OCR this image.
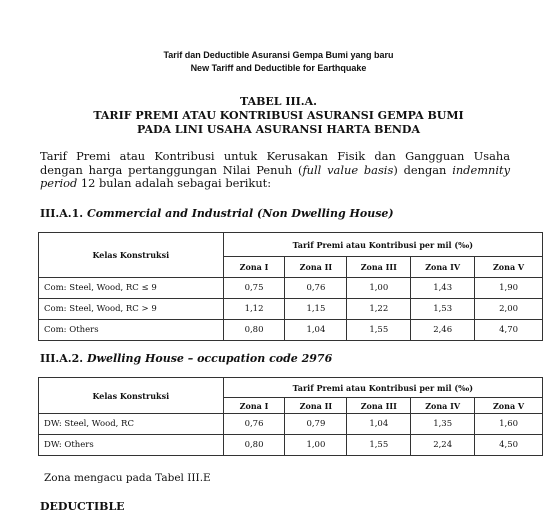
Tarif dan Deductible Asuransi Gempa Bumi yang baru
New Tariff and Deductible for Earthquake
TABEL III.A.
TARIF PREMI ATAU KONTRIBUSI ASURANSI GEMPA BUMI
PADA LINI USAHA ASURANSI HARTA BENDA
Tarif Premi atau Kontribusi untuk Kerusakan Fisik dan Gangguan Usaha
dengan harga pertanggungan Nilai Penuh (full value basis) dengan indemnity
period 12 bulan adalah sebagai berikut:
III.A.1. Commercial and Industrial (Non Dwelling House)
Kelas Konstruksi	Tarif Premi atau Kontribusi per mil (‰)				
	Zona I	Zona II	Zona III	Zona IV	Zona V
Com: Steel, Wood, RC ≤ 9	0,75	0,76	1,00	1,43	1,90
Com: Steel, Wood, RC > 9	1,12	1,15	1,22	1,53	2,00
Com: Others	0,80	1,04	1,55	2,46	4,70
III.A.2. Dwelling House – occupation code 2976
Kelas Konstruksi	Tarif Premi atau Kontribusi per mil (‰)				
	Zona I	Zona II	Zona III	Zona IV	Zona V
DW: Steel, Wood, RC	0,76	0,79	1,04	1,35	1,60
DW: Others	0,80	1,00	1,55	2,24	4,50
Zona mengacu pada Tabel III.E
DEDUCTIBLE
